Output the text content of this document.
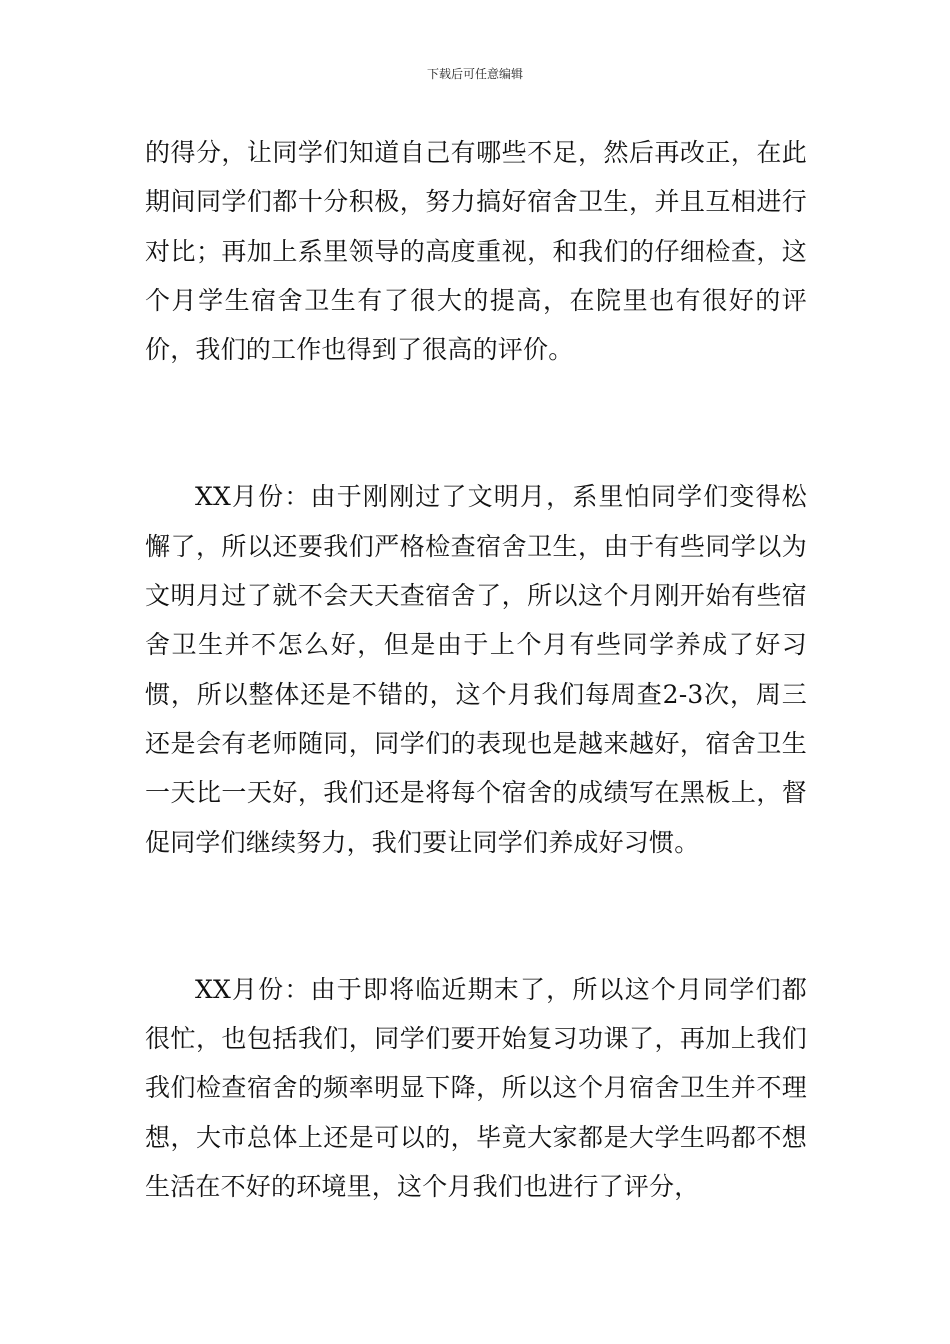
下载后可任意编辑

的得分，让同学们知道自己有哪些不足，然后再改正，在此期间同学们都十分积极，努力搞好宿舍卫生，并且互相进行对比；再加上系里领导的高度重视，和我们的仔细检查，这个月学生宿舍卫生有了很大的提高，在院里也有很好的评价，我们的工作也得到了很高的评价。

XX月份：由于刚刚过了文明月，系里怕同学们变得松懈了，所以还要我们严格检查宿舍卫生，由于有些同学以为文明月过了就不会天天查宿舍了，所以这个月刚开始有些宿舍卫生并不怎么好，但是由于上个月有些同学养成了好习惯，所以整体还是不错的，这个月我们每周查2-3次，周三还是会有老师随同，同学们的表现也是越来越好，宿舍卫生一天比一天好，我们还是将每个宿舍的成绩写在黑板上，督促同学们继续努力，我们要让同学们养成好习惯。

XX月份：由于即将临近期末了，所以这个月同学们都很忙，也包括我们，同学们要开始复习功课了，再加上我们我们检查宿舍的频率明显下降，所以这个月宿舍卫生并不理想，大市总体上还是可以的，毕竟大家都是大学生吗都不想生活在不好的环境里，这个月我们也进行了评分，
